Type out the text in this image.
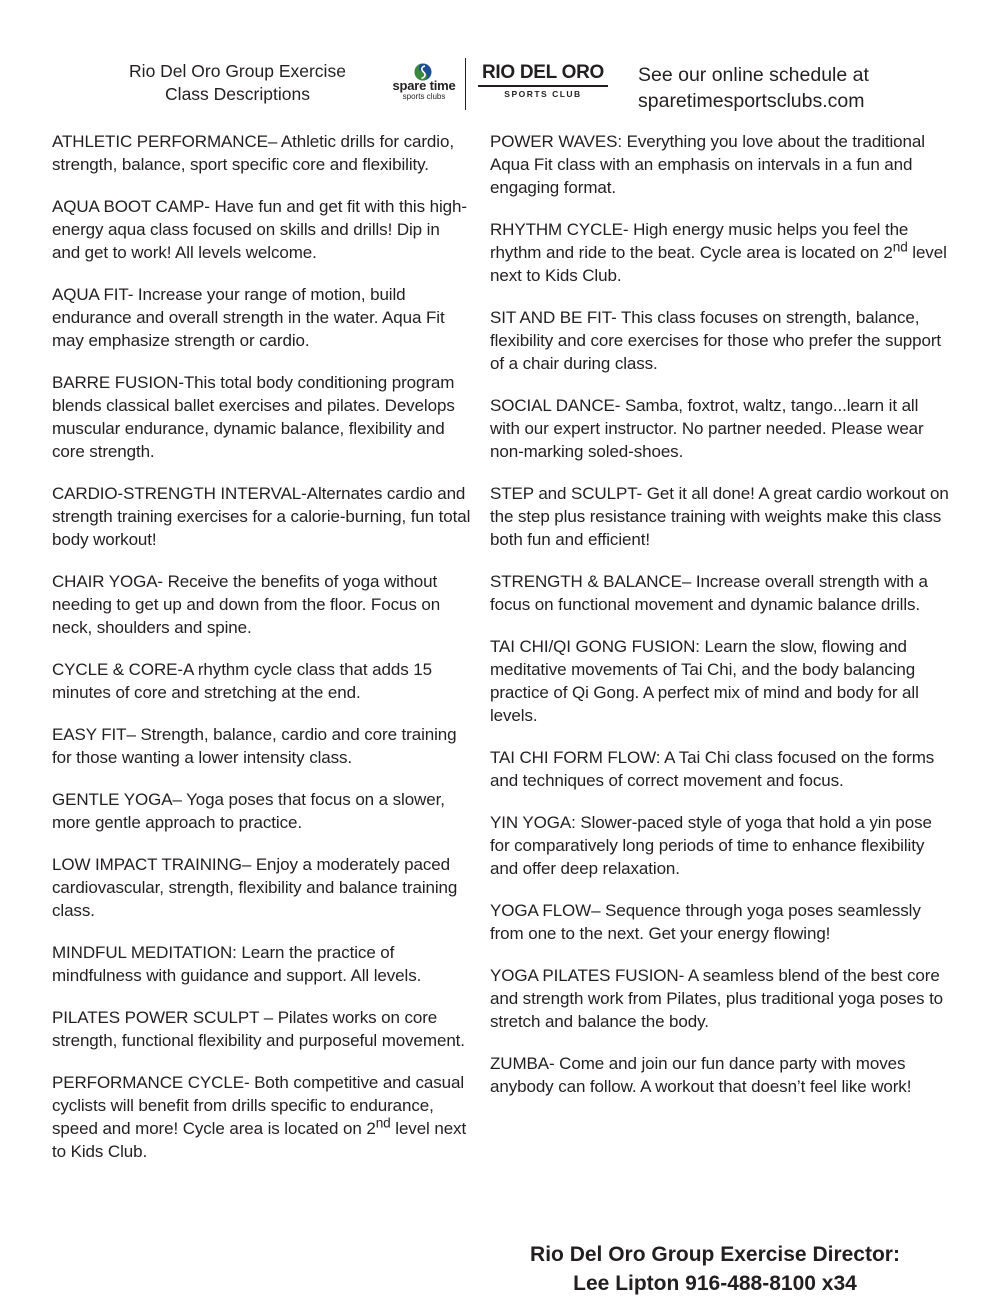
Rio Del Oro Group Exercise
Class Descriptions	spare time
sports clubs
RIO DEL ORO
SPORTS CLUB
See our online schedule at
sparetimesportsclubs.com

ATHLETIC PERFORMANCE– Athletic drills for cardio, strength, balance, sport specific core and flexibility.

AQUA BOOT CAMP- Have fun and get fit with this high-energy aqua class focused on skills and drills! Dip in and get to work! All levels welcome.

AQUA FIT- Increase your range of motion, build endurance and overall strength in the water. Aqua Fit may emphasize strength or cardio.

BARRE FUSION-This total body conditioning program blends classical ballet exercises and pilates. Develops muscular endurance, dynamic balance, flexibility and core strength.

CARDIO-STRENGTH INTERVAL-Alternates cardio and strength training exercises for a calorie-burning, fun total body workout!

CHAIR YOGA- Receive the benefits of yoga without needing to get up and down from the floor. Focus on neck, shoulders and spine.

CYCLE & CORE-A rhythm cycle class that adds 15 minutes of core and stretching at the end.

EASY FIT– Strength, balance, cardio and core training for those wanting a lower intensity class.

GENTLE YOGA– Yoga poses that focus on a slower, more gentle approach to practice.

LOW IMPACT TRAINING– Enjoy a moderately paced cardiovascular, strength, flexibility and balance training class.

MINDFUL MEDITATION: Learn the practice of mindfulness with guidance and support. All levels.

PILATES POWER SCULPT – Pilates works on core strength, functional flexibility and purposeful movement.

PERFORMANCE CYCLE- Both competitive and casual cyclists will benefit from drills specific to endurance, speed and more! Cycle area is located on 2nd level next to Kids Club.

POWER WAVES: Everything you love about the traditional Aqua Fit class with an emphasis on intervals in a fun and engaging format.

RHYTHM CYCLE- High energy music helps you feel the rhythm and ride to the beat. Cycle area is located on 2nd level next to Kids Club.

SIT AND BE FIT- This class focuses on strength, balance, flexibility and core exercises for those who prefer the support of a chair during class.

SOCIAL DANCE- Samba, foxtrot, waltz, tango...learn it all with our expert instructor. No partner needed. Please wear non-marking soled-shoes.

STEP and SCULPT- Get it all done! A great cardio workout on the step plus resistance training with weights make this class both fun and efficient!

STRENGTH & BALANCE– Increase overall strength with a focus on functional movement and dynamic balance drills.

TAI CHI/QI GONG FUSION: Learn the slow, flowing and meditative movements of Tai Chi, and the body balancing practice of Qi Gong. A perfect mix of mind and body for all levels.

TAI CHI FORM FLOW: A Tai Chi class focused on the forms and techniques of correct movement and focus.

YIN YOGA: Slower-paced style of yoga that hold a yin pose for comparatively long periods of time to enhance flexibility and offer deep relaxation.

YOGA FLOW– Sequence through yoga poses seamlessly from one to the next. Get your energy flowing!

YOGA PILATES FUSION- A seamless blend of the best core and strength work from Pilates, plus traditional yoga poses to stretch and balance the body.

ZUMBA- Come and join our fun dance party with moves anybody can follow. A workout that doesn’t feel like work!

Rio Del Oro Group Exercise Director:
Lee Lipton 916-488-8100 x34
